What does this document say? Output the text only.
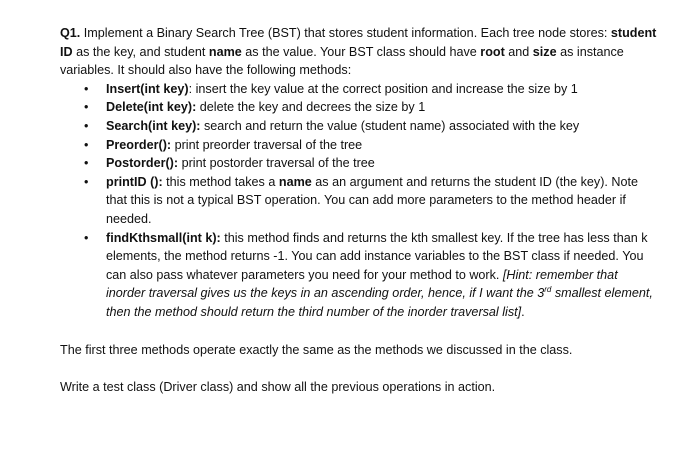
Q1. Implement a Binary Search Tree (BST) that stores student information. Each tree node stores: student ID as the key, and student name as the value. Your BST class should have root and size as instance variables. It should also have the following methods:

• Insert(int key): insert the key value at the correct position and increase the size by 1
• Delete(int key): delete the key and decrees the size by 1
• Search(int key): search and return the value (student name) associated with the key
• Preorder(): print preorder traversal of the tree
• Postorder(): print postorder traversal of the tree
• printID (): this method takes a name as an argument and returns the student ID (the key). Note that this is not a typical BST operation. You can add more parameters to the method header if needed.
• findKthsmall(int k): this method finds and returns the kth smallest key. If the tree has less than k elements, the method returns -1. You can add instance variables to the BST class if needed. You can also pass whatever parameters you need for your method to work. [Hint: remember that inorder traversal gives us the keys in an ascending order, hence, if I want the 3rd smallest element, then the method should return the third number of the inorder traversal list].

The first three methods operate exactly the same as the methods we discussed in the class.

Write a test class (Driver class) and show all the previous operations in action.
